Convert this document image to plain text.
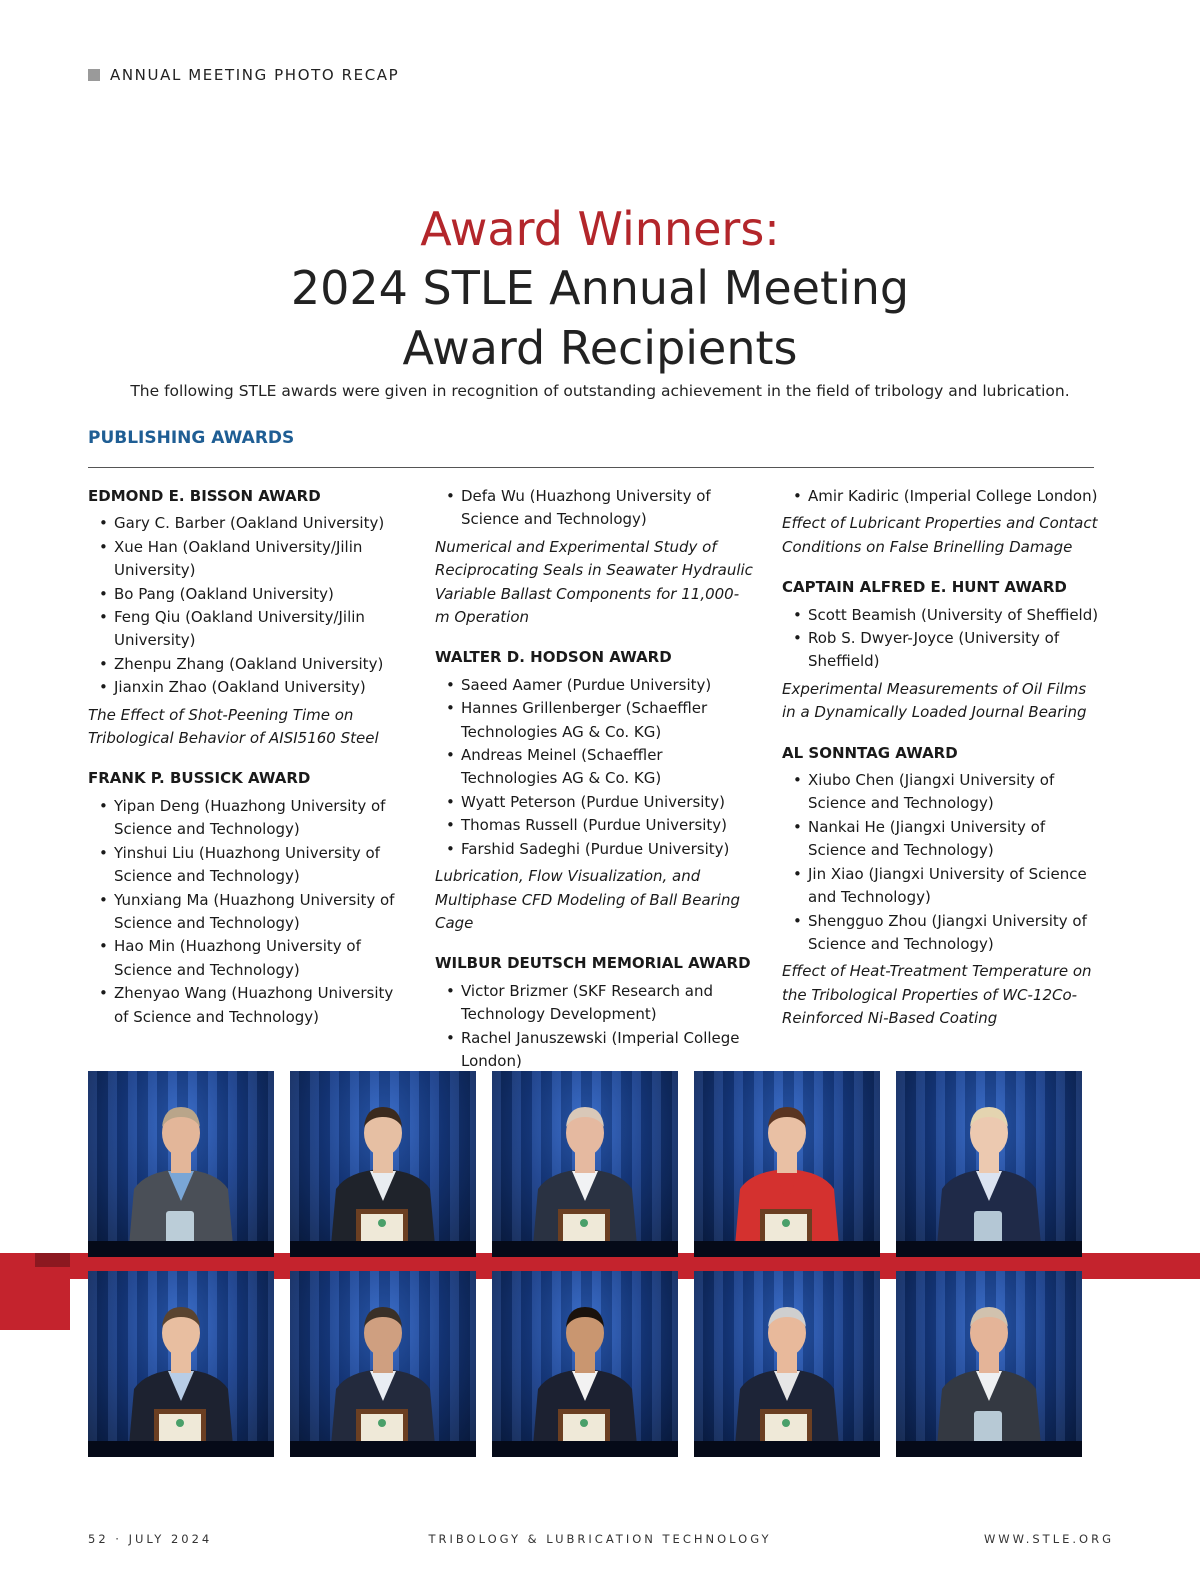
ANNUAL MEETING PHOTO RECAP
Award Winners:
2024 STLE Annual Meeting
Award Recipients
The following STLE awards were given in recognition of outstanding achievement in the field of tribology and lubrication.
PUBLISHING AWARDS
EDMOND E. BISSON AWARD
• Gary C. Barber (Oakland University)
• Xue Han (Oakland University/Jilin University)
• Bo Pang (Oakland University)
• Feng Qiu (Oakland University/Jilin University)
• Zhenpu Zhang (Oakland University)
• Jianxin Zhao (Oakland University)
The Effect of Shot-Peening Time on Tribological Behavior of AISI5160 Steel
FRANK P. BUSSICK AWARD
• Yipan Deng (Huazhong University of Science and Technology)
• Yinshui Liu (Huazhong University of Science and Technology)
• Yunxiang Ma (Huazhong University of Science and Technology)
• Hao Min (Huazhong University of Science and Technology)
• Zhenyao Wang (Huazhong University of Science and Technology)
• Defa Wu (Huazhong University of Science and Technology)
Numerical and Experimental Study of Reciprocating Seals in Seawater Hydraulic Variable Ballast Components for 11,000-m Operation
WALTER D. HODSON AWARD
• Saeed Aamer (Purdue University)
• Hannes Grillenberger (Schaeffler Technologies AG & Co. KG)
• Andreas Meinel (Schaeffler Technologies AG & Co. KG)
• Wyatt Peterson (Purdue University)
• Thomas Russell (Purdue University)
• Farshid Sadeghi (Purdue University)
Lubrication, Flow Visualization, and Multiphase CFD Modeling of Ball Bearing Cage
WILBUR DEUTSCH MEMORIAL AWARD
• Victor Brizmer (SKF Research and Technology Development)
• Rachel Januszewski (Imperial College London)
• Amir Kadiric (Imperial College London)
Effect of Lubricant Properties and Contact Conditions on False Brinelling Damage
CAPTAIN ALFRED E. HUNT AWARD
• Scott Beamish (University of Sheffield)
• Rob S. Dwyer-Joyce (University of Sheffield)
Experimental Measurements of Oil Films in a Dynamically Loaded Journal Bearing
AL SONNTAG AWARD
• Xiubo Chen (Jiangxi University of Science and Technology)
• Nankai He (Jiangxi University of Science and Technology)
• Jin Xiao (Jiangxi University of Science and Technology)
• Shengguo Zhou (Jiangxi University of Science and Technology)
Effect of Heat-Treatment Temperature on the Tribological Properties of WC-12Co-Reinforced Ni-Based Coating
52 · JULY 2024	TRIBOLOGY & LUBRICATION TECHNOLOGY	WWW.STLE.ORG
